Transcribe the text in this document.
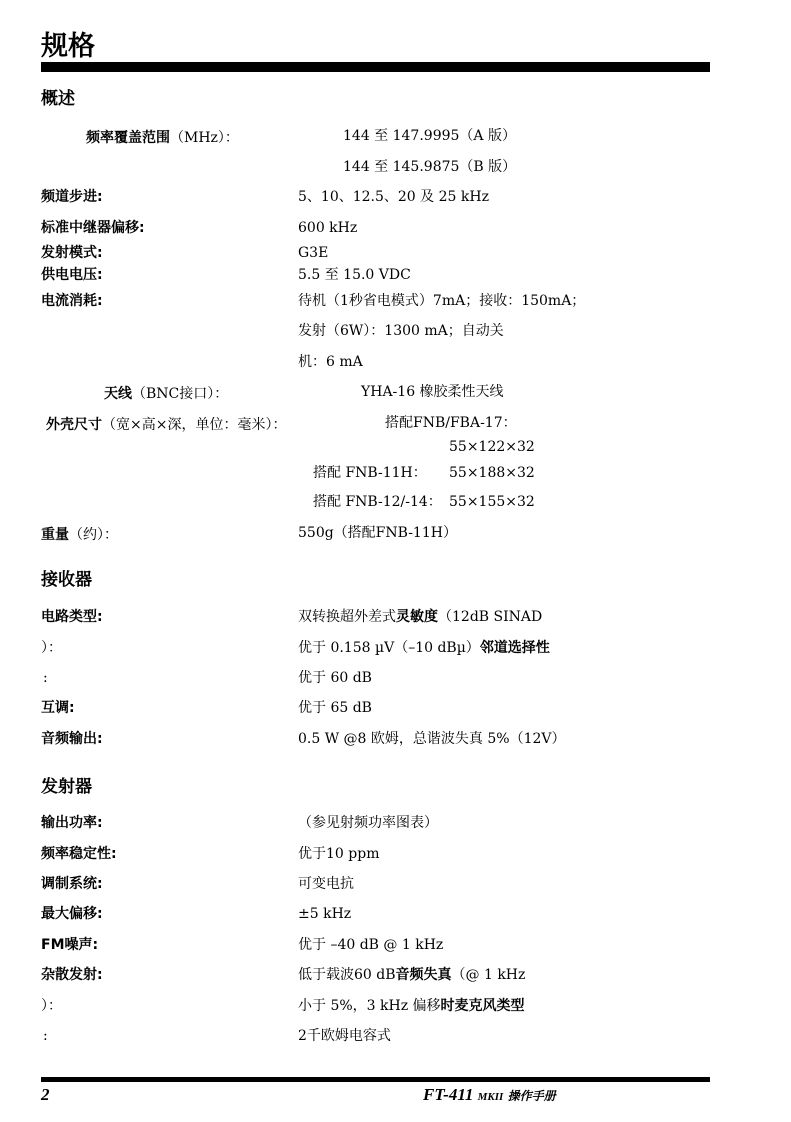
规格
概述
频率覆盖范围（MHz）：	144 至 147.9995（A 版）
144 至 145.9875（B 版）
频道步进:	5、10、12.5、20 及 25 kHz
标准中继器偏移:	600 kHz
发射模式:	G3E
供电电压:	5.5 至 15.0 VDC
电流消耗:	待机（1秒省电模式）7mA；接收：150mA；
发射（6W）：1300 mA；自动关
机：6 mA
天线（BNC接口）：	YHA-16 橡胶柔性天线
外壳尺寸（宽×高×深，单位：毫米）：	搭配FNB/FBA-17：
55×122×32
搭配 FNB-11H： 55×188×32
搭配 FNB-12/-14： 55×155×32
重量（约）：	550g（搭配FNB-11H）
接收器
电路类型:	双转换超外差式灵敏度（12dB SINAD
）：	优于 0.158 µV（–10 dBµ）邻道选择性
:	优于 60 dB
互调:	优于 65 dB
音频输出:	0.5 W @8 欧姆，总谐波失真 5%（12V）
发射器
输出功率:	（参见射频功率图表）
频率稳定性:	优于10 ppm
调制系统:	可变电抗
最大偏移:	±5 kHz
FM噪声:	优于 –40 dB @ 1 kHz
杂散发射:	低于载波60 dB音频失真（@ 1 kHz
）：	小于 5%，3 kHz 偏移时麦克风类型
:	2千欧姆电容式
2	FT-411 MKII 操作手册
